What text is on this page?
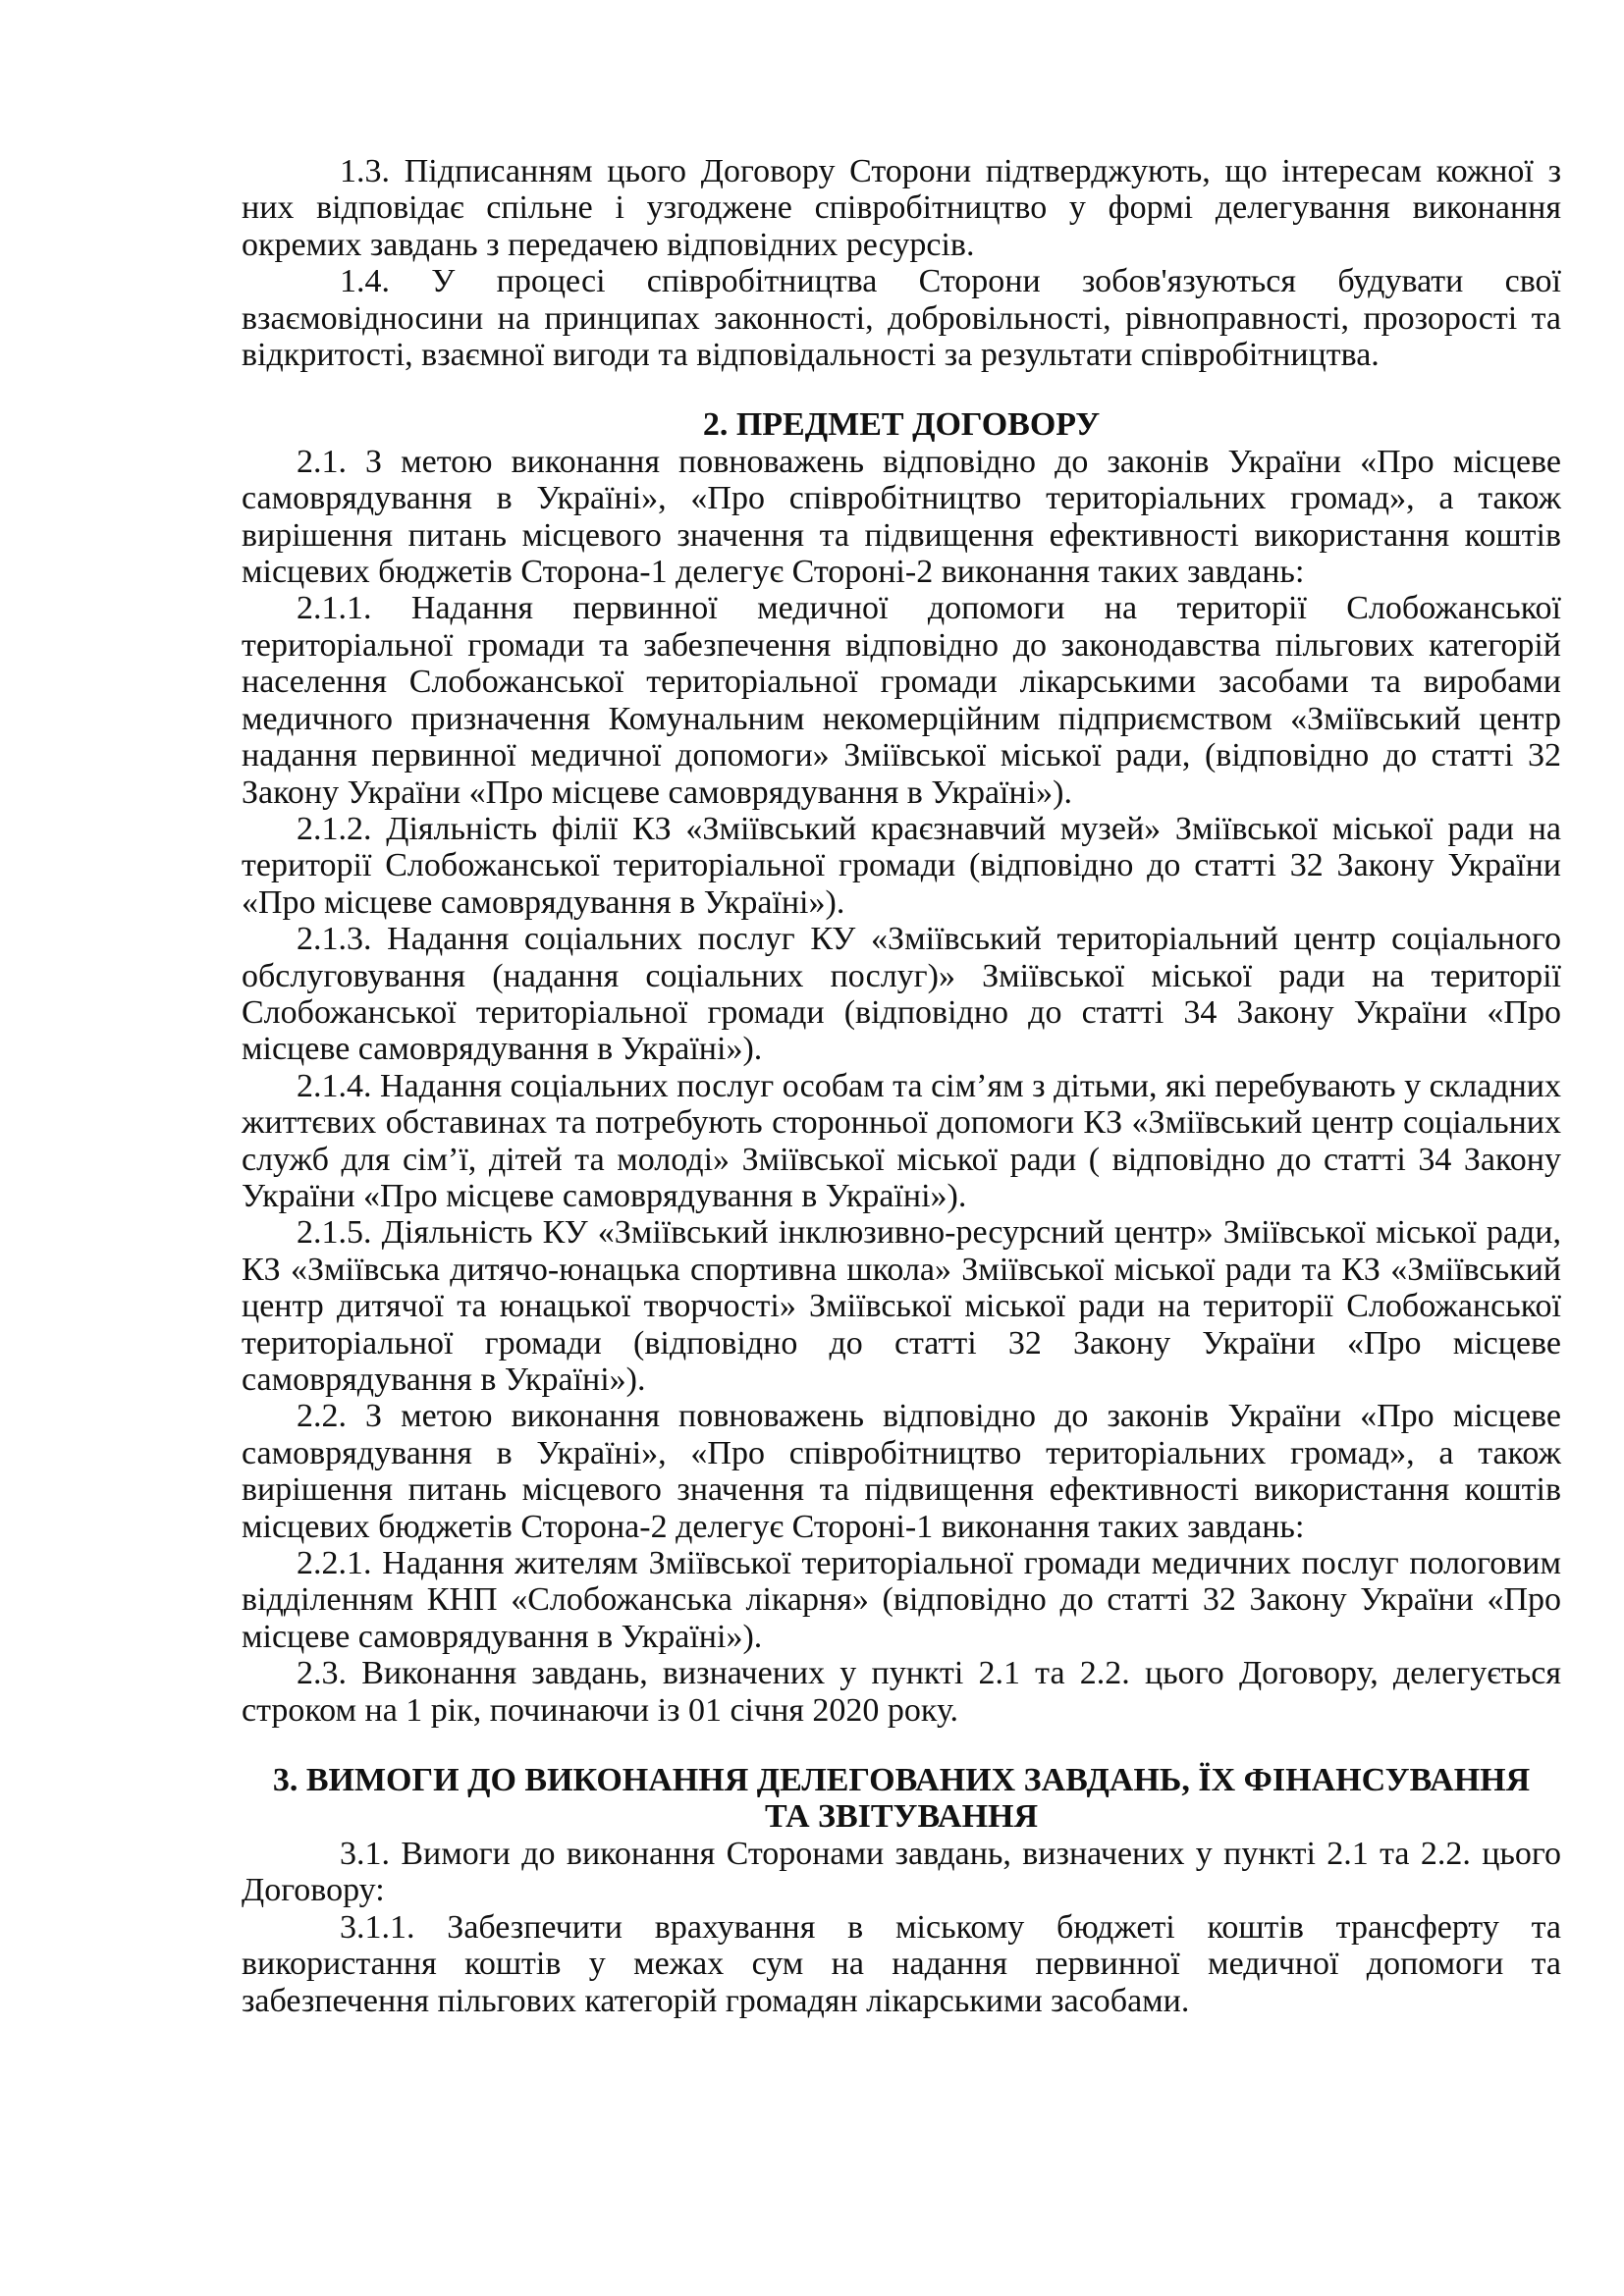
1.3. Підписанням цього Договору Сторони підтверджують, що інтересам кожної з них відповідає спільне і узгоджене співробітництво у формі делегування виконання окремих завдань з передачею відповідних ресурсів.

1.4. У процесі співробітництва Сторони зобов'язуються будувати свої взаємовідносини на принципах законності, добровільності, рівноправності, прозорості та відкритості, взаємної вигоди та відповідальності за результати співробітництва.

2. ПРЕДМЕТ ДОГОВОРУ

2.1. З метою виконання повноважень відповідно до законів України «Про місцеве самоврядування в Україні», «Про співробітництво територіальних громад», а також вирішення питань місцевого значення та підвищення ефективності використання коштів місцевих бюджетів Сторона-1 делегує Стороні-2 виконання таких завдань:

2.1.1. Надання первинної медичної допомоги на території Слобожанської територіальної громади та забезпечення відповідно до законодавства пільгових категорій населення Слобожанської територіальної громади лікарськими засобами та виробами медичного призначення Комунальним некомерційним підприємством «Зміївський центр надання первинної медичної допомоги» Зміївської міської ради, (відповідно до статті 32 Закону України «Про місцеве самоврядування в Україні»).

2.1.2. Діяльність філії КЗ «Зміївський краєзнавчий музей» Зміївської міської ради на території Слобожанської територіальної громади (відповідно до статті 32 Закону України «Про місцеве самоврядування в Україні»).

2.1.3. Надання соціальних послуг КУ «Зміївський територіальний центр соціального обслуговування (надання соціальних послуг)» Зміївської міської ради на території Слобожанської територіальної громади (відповідно до статті 34 Закону України «Про місцеве самоврядування в Україні»).

2.1.4. Надання соціальних послуг особам та сім’ям з дітьми, які перебувають у складних життєвих обставинах та потребують сторонньої допомоги КЗ «Зміївський центр соціальних служб для сім’ї, дітей та молоді» Зміївської міської ради ( відповідно до статті 34 Закону України «Про місцеве самоврядування в Україні»).

2.1.5. Діяльність КУ «Зміївський інклюзивно-ресурсний центр» Зміївської міської ради, КЗ «Зміївська дитячо-юнацька спортивна школа» Зміївської міської ради та КЗ «Зміївський центр дитячої та юнацької творчості» Зміївської міської ради на території Слобожанської територіальної громади (відповідно до статті 32 Закону України «Про місцеве самоврядування в Україні»).

2.2. З метою виконання повноважень відповідно до законів України «Про місцеве самоврядування в Україні», «Про співробітництво територіальних громад», а також вирішення питань місцевого значення та підвищення ефективності використання коштів місцевих бюджетів Сторона-2 делегує Стороні-1 виконання таких завдань:

2.2.1. Надання жителям Зміївської територіальної громади медичних послуг пологовим відділенням КНП «Слобожанська лікарня» (відповідно до статті 32 Закону України «Про місцеве самоврядування в Україні»).

2.3. Виконання завдань, визначених у пункті 2.1 та 2.2. цього Договору, делегується строком на 1 рік, починаючи із 01 січня 2020 року.

3. ВИМОГИ ДО ВИКОНАННЯ ДЕЛЕГОВАНИХ ЗАВДАНЬ, ЇХ ФІНАНСУВАННЯ

ТА ЗВІТУВАННЯ

3.1. Вимоги до виконання Сторонами завдань, визначених у пункті 2.1 та 2.2. цього Договору:

3.1.1. Забезпечити врахування в міському бюджеті коштів трансферту та використання коштів у межах сум на надання первинної медичної допомоги та забезпечення пільгових категорій громадян лікарськими засобами.
